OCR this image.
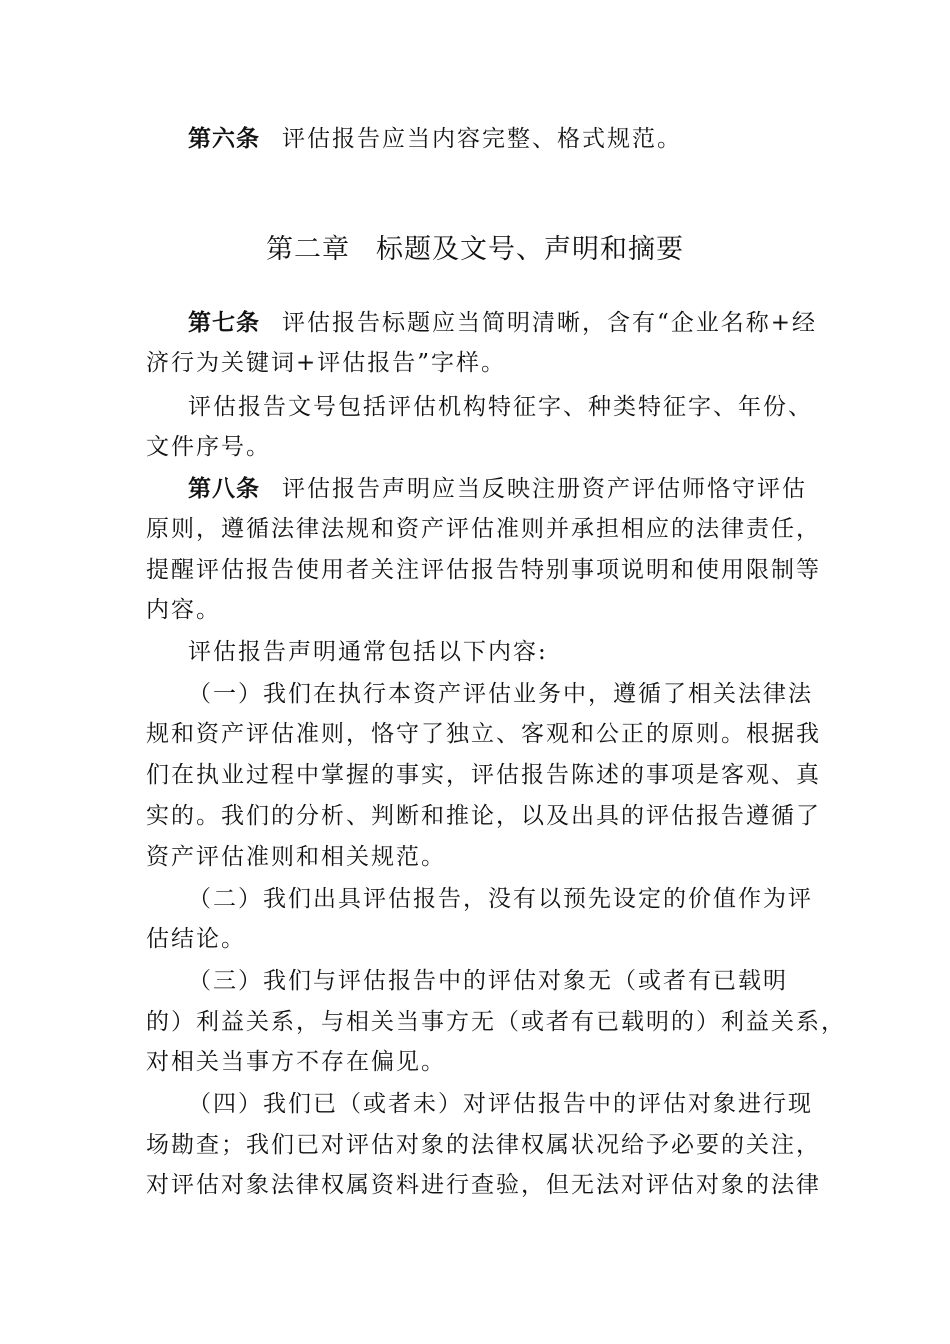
第六条 评估报告应当内容完整、格式规范。
第二章 标题及文号、声明和摘要
第七条 评估报告标题应当简明清晰，含有“企业名称+经
济行为关键词+评估报告”字样。
评估报告文号包括评估机构特征字、种类特征字、年份、
文件序号。
第八条 评估报告声明应当反映注册资产评估师恪守评估
原则，遵循法律法规和资产评估准则并承担相应的法律责任，
提醒评估报告使用者关注评估报告特别事项说明和使用限制等
内容。
评估报告声明通常包括以下内容:
（一）我们在执行本资产评估业务中，遵循了相关法律法
规和资产评估准则，恪守了独立、客观和公正的原则。根据我
们在执业过程中掌握的事实，评估报告陈述的事项是客观、真
实的。我们的分析、判断和推论，以及出具的评估报告遵循了
资产评估准则和相关规范。
（二）我们出具评估报告，没有以预先设定的价值作为评
估结论。
（三）我们与评估报告中的评估对象无（或者有已载明
的）利益关系，与相关当事方无（或者有已载明的）利益关系，
对相关当事方不存在偏见。
（四）我们已（或者未）对评估报告中的评估对象进行现
场勘查；我们已对评估对象的法律权属状况给予必要的关注，
对评估对象法律权属资料进行查验，但无法对评估对象的法律
